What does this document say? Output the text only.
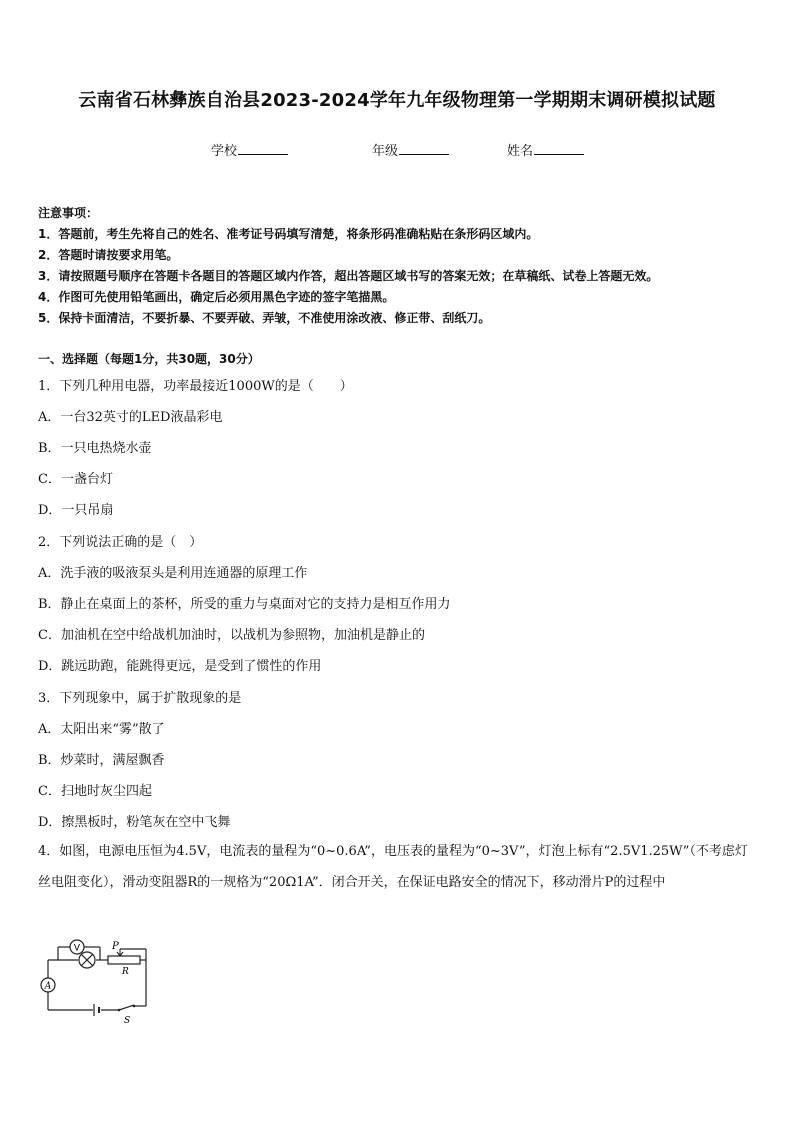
云南省石林彝族自治县2023-2024学年九年级物理第一学期期末调研模拟试题
学校	年级	姓名
注意事项：
1．答题前，考生先将自己的姓名、准考证号码填写清楚，将条形码准确粘贴在条形码区域内。
2．答题时请按要求用笔。
3．请按照题号顺序在答题卡各题目的答题区域内作答，超出答题区域书写的答案无效；在草稿纸、试卷上答题无效。
4．作图可先使用铅笔画出，确定后必须用黑色字迹的签字笔描黑。
5．保持卡面清洁，不要折暴、不要弄破、弄皱，不准使用涂改液、修正带、刮纸刀。
一、选择题（每题1分，共30题，30分）
1．下列几种用电器，功率最接近1000W的是（　　）
A．一台32英寸的LED液晶彩电
B．一只电热烧水壶
C．一盏台灯
D．一只吊扇
2．下列说法正确的是（　）
A．洗手液的吸液泵头是利用连通器的原理工作
B．静止在桌面上的茶杯，所受的重力与桌面对它的支持力是相互作用力
C．加油机在空中给战机加油时，以战机为参照物，加油机是静止的
D．跳远助跑，能跳得更远，是受到了惯性的作用
3．下列现象中，属于扩散现象的是
A．太阳出来“雾”散了
B．炒菜时，满屋飘香
C．扫地时灰尘四起
D．擦黑板时，粉笔灰在空中飞舞
4．如图，电源电压恒为4.5V，电流表的量程为“0~0.6A”，电压表的量程为“0~3V”，灯泡上标有“2.5V1.25W”（不考虑灯丝电阻变化），滑动变阻器R的一规格为“20Ω1A”．闭合开关，在保证电路安全的情况下，移动滑片P的过程中
V	P
R
A
S
